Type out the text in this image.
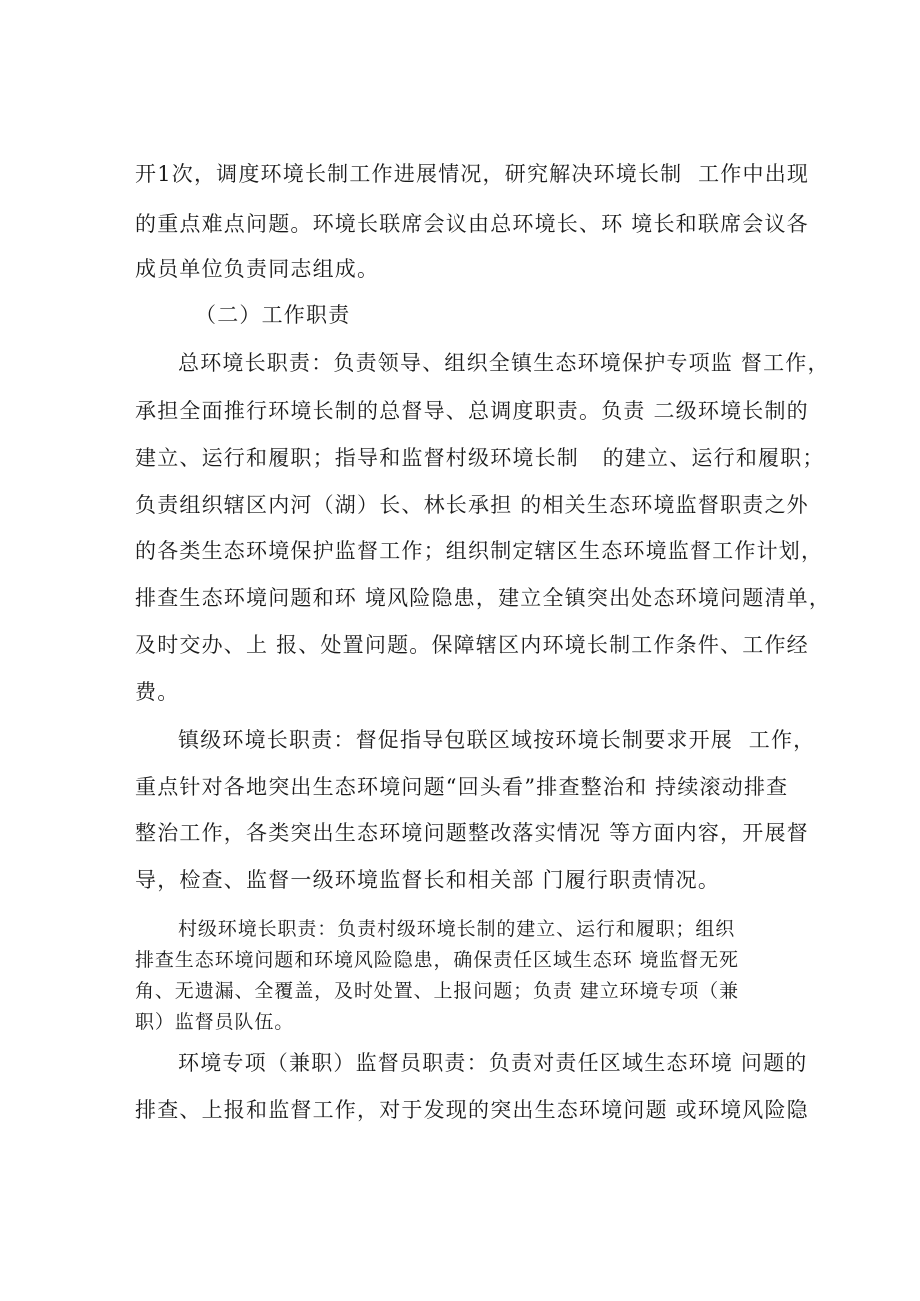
开1次，调度环境长制工作进展情况，研究解决环境长制  工作中出现
的重点难点问题。环境长联席会议由总环境长、环 境长和联席会议各
成员单位负责同志组成。
（二）工作职责
总环境长职责：负责领导、组织全镇生态环境保护专项监 督工作，
承担全面推行环境长制的总督导、总调度职责。负责 二级环境长制的
建立、运行和履职；指导和监督村级环境长制   的建立、运行和履职；
负责组织辖区内河（湖）长、林长承担 的相关生态环境监督职责之外
的各类生态环境保护监督工作；组织制定辖区生态环境监督工作计划，
排查生态环境问题和环 境风险隐患，建立全镇突出处态环境问题清单，
及时交办、上 报、处置问题。保障辖区内环境长制工作条件、工作经
费。
镇级环境长职责：督促指导包联区域按环境长制要求开展  工作，
重点针对各地突出生态环境问题“回头看”排查整治和 持续滚动排查
整治工作，各类突出生态环境问题整改落实情况 等方面内容，开展督
导，检查、监督一级环境监督长和相关部 门履行职责情况。
村级环境长职责：负责村级环境长制的建立、运行和履职；组织
排查生态环境问题和环境风险隐患，确保责任区域生态环 境监督无死
角、无遗漏、全覆盖，及时处置、上报问题；负责 建立环境专项（兼
职）监督员队伍。
环境专项（兼职）监督员职责：负责对责任区域生态环境 问题的
排查、上报和监督工作，对于发现的突出生态环境问题 或环境风险隐
